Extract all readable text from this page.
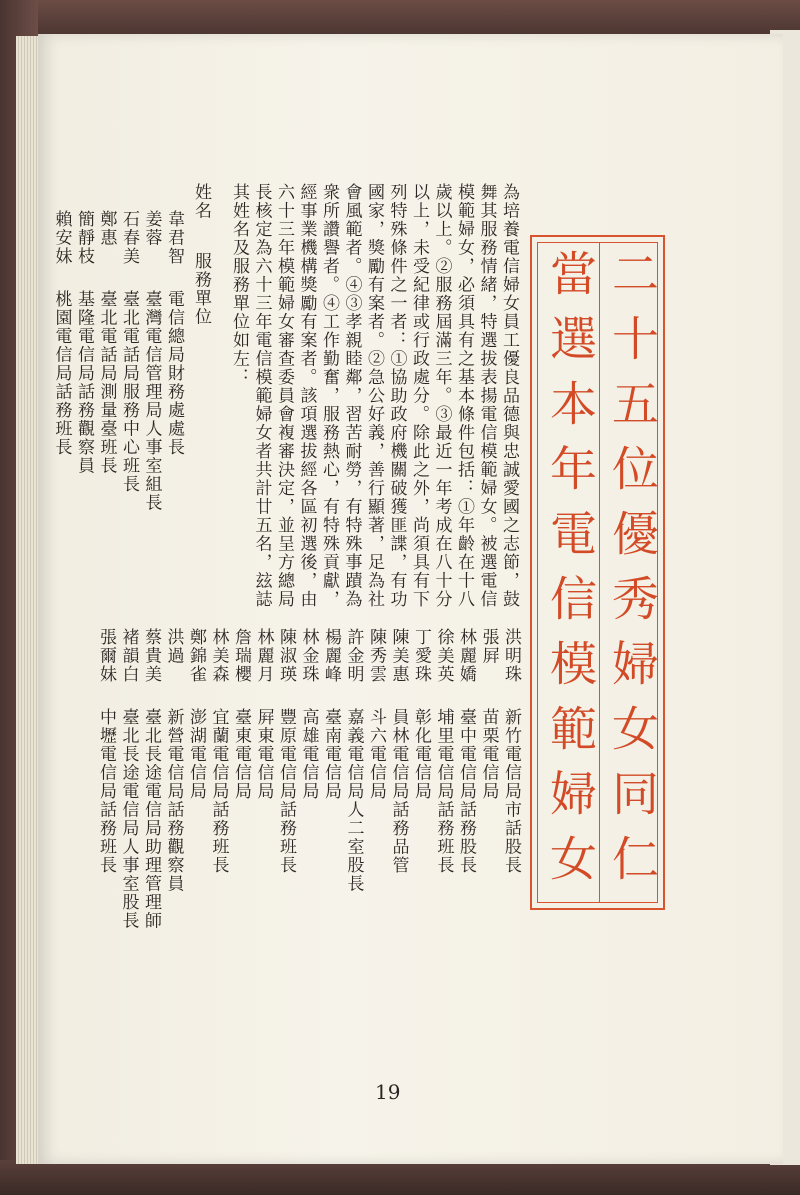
二十五位優秀婦女同仁
當選本年電信模範婦女
為培養電信婦女員工優良品德與忠誠愛國之志節，鼓舞其服務情緒，特選拔表揚電信模範婦女。被選電信模範婦女，必須具有之基本條件包括：①年齡在十八歲以上。②服務屆滿三年。③最近一年考成在八十分以上，未受紀律或行政處分。除此之外，尚須具有下列特殊條件之一者：①協助政府機關破獲匪諜，有功國家，獎勵有案者。②急公好義，善行顯著，足為社會風範者。④③孝親睦鄰，習苦耐勞，有特殊事蹟為衆所讚譽者。④工作勤奮，服務熱心，有特殊貢獻，經事業機構獎勵有案者。該項選拔經各區初選後，由六十三年模範婦女審查委員會複審決定，並呈方總局長核定為六十三年電信模範婦女者共計廿五名，玆誌其姓名及服務單位如左：
姓名
服務單位
韋君智電信總局財務處處長
姜蓉臺灣電信管理局人事室組長
石春美臺北電話局服務中心班長
鄭惠臺北電話局測量臺班長
簡靜枝基隆電信局話務觀察員
賴安妹桃園電信局話務班長
洪明珠新竹電信局市話股長
張屛苗栗電信局
林麗嬌臺中電信局話務股長
徐美英埔里電信局話務班長
丁愛珠彰化電信局
陳美惠員林電信局話務品管
陳秀雲斗六電信局
許金明嘉義電信局人二室股長
楊麗峰臺南電信局
林金珠高雄電信局
陳淑瑛豐原電信局話務班長
林麗月屛東電信局
詹瑞櫻臺東電信局
林美森宜蘭電信局話務班長
鄭錦雀澎湖電信局
洪過新營電信局話務觀察員
蔡貴美臺北長途電信局助理管理師
褚韻白臺北長途電信局人事室股長
張爾妹中壢電信局話務班長
19
